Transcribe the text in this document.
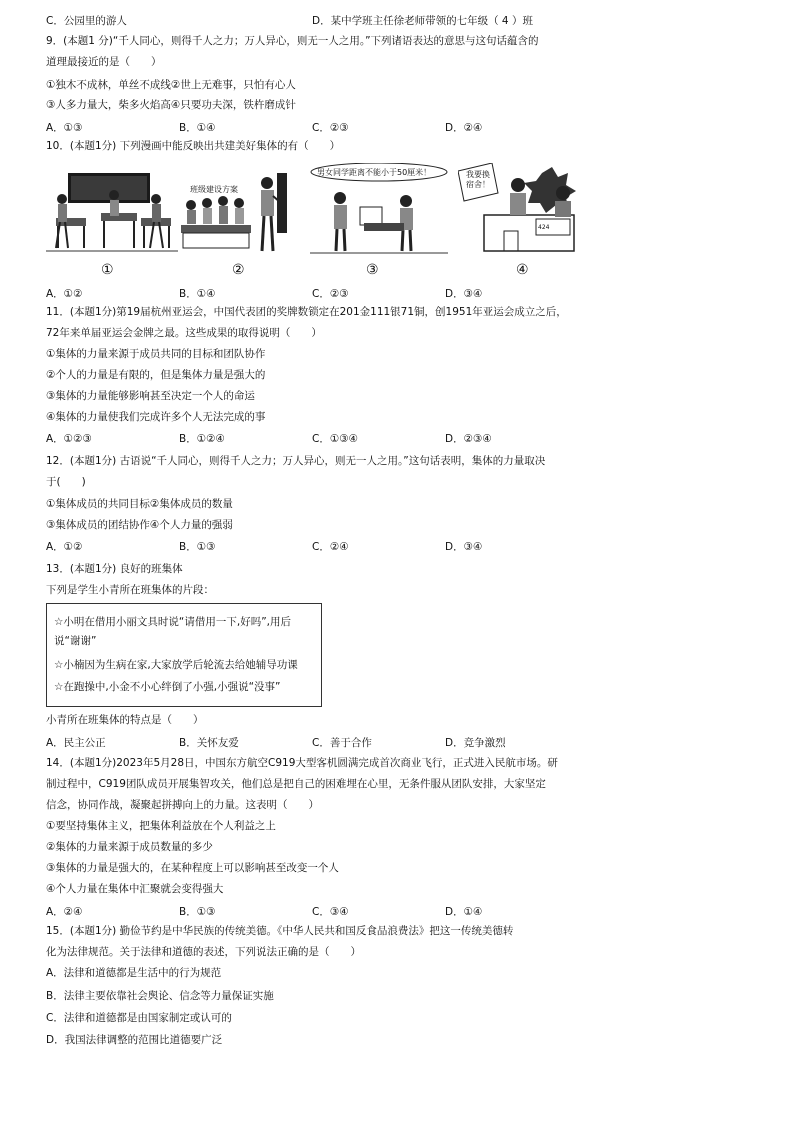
C．公园里的游人	D．某中学班主任徐老师带领的七年级（ 4 ）班
9．(本题1 分)“千人同心，则得千人之力；万人异心，则无一人之用。”下列诸语表达的意思与这句话蕴含的
道理最接近的是（　　）
①独木不成林，单丝不成线②世上无难事，只怕有心人
③人多力量大，柴多火焰高④只要功夫深，铁杵磨成针
A．①③	B．①④	C．②③	D．②④
10．(本题1分) 下列漫画中能反映出共建美好集体的有（　　）
班级建设方案
男女同学距离不能小于50厘米！	我要换宿舍！
424
①	②	③	④
A．①②	B．①④	C．②③	D．③④
11．(本题1分)第19届杭州亚运会，中国代表团的奖牌数锁定在201金111银71铜，创1951年亚运会成立之后，
72年来单届亚运会金牌之最。这些成果的取得说明（　　）
①集体的力量来源于成员共同的目标和团队协作
②个人的力量是有限的，但是集体力量是强大的
③集体的力量能够影响甚至决定一个人的命运
④集体的力量使我们完成许多个人无法完成的事
A．①②③	B．①②④	C．①③④	D．②③④
12．(本题1分) 古语说“千人同心，则得千人之力；万人异心，则无一人之用。”这句话表明，集体的力量取决
于(　　)
①集体成员的共同目标②集体成员的数量
③集体成员的团结协作④个人力量的强弱
A．①②	B．①③	C．②④	D．③④
13．(本题1分) 良好的班集体
下列是学生小青所在班集体的片段：
☆小明在借用小丽文具时说“请借用一下,好吗”,用后
说“谢谢”
☆小楠因为生病在家,大家放学后轮流去给她辅导功课
☆在跑操中,小金不小心绊倒了小强,小强说“没事”
小青所在班集体的特点是（　　）
A．民主公正	B．关怀友爱	C．善于合作	D．竞争激烈
14．(本题1分)2023年5月28日，中国东方航空C919大型客机圆满完成首次商业飞行，正式进入民航市场。研
制过程中，C919团队成员开展集智攻关，他们总是把自己的困难埋在心里，无条件服从团队安排，大家坚定
信念，协同作战，凝聚起拼搏向上的力量。这表明（　　）
①要坚持集体主义，把集体利益放在个人利益之上
②集体的力量来源于成员数量的多少
③集体的力量是强大的，在某种程度上可以影响甚至改变一个人
④个人力量在集体中汇聚就会变得强大
A．②④	B．①③	C．③④	D．①④
15．(本题1分) 勤俭节约是中华民族的传统美德。《中华人民共和国反食品浪费法》把这一传统美德转
化为法律规范。关于法律和道德的表述，下列说法正确的是（　　）
A．法律和道德都是生活中的行为规范
B．法律主要依靠社会舆论、信念等力量保证实施
C．法律和道德都是由国家制定或认可的
D．我国法律调整的范围比道德要广泛
